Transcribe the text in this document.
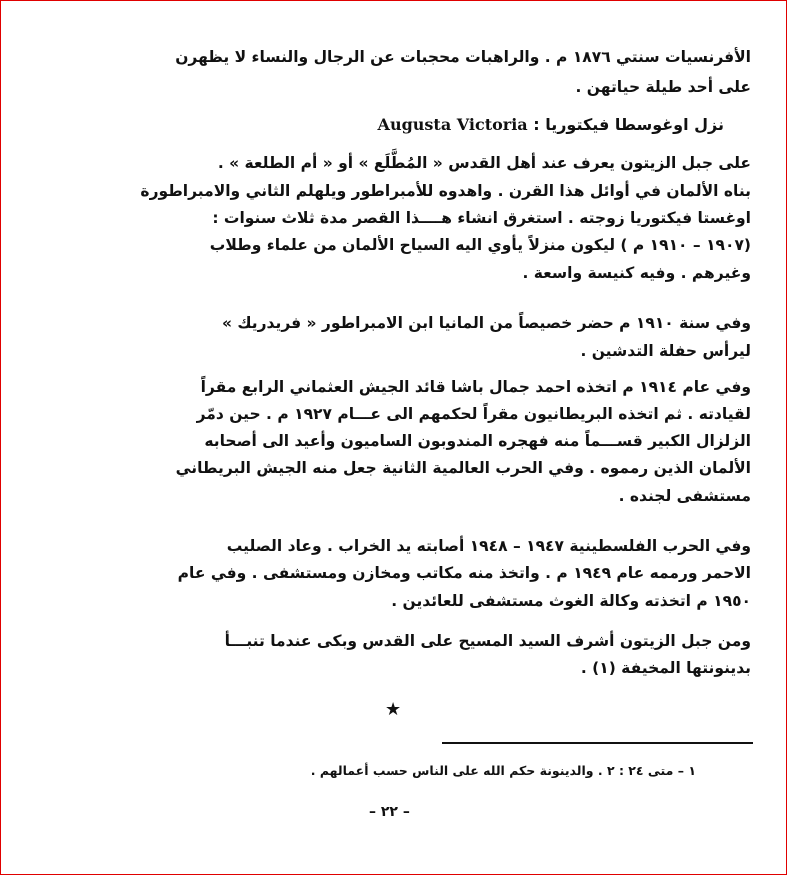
الأفرنسيات سنتي ١٨٧٦ م . والراهبات محجبات عن الرجال والنساء لا يظهرن
على أحد طيلة حياتهن .
نزل اوغوسطا فيكتوريا : Augusta Victoria
على جبل الزيتون يعرف عند أهل القدس « المُطَّلَع » أو « أم الطلعة » .
بناه الألمان في أوائل هذا القرن . واهدوه للأمبراطور ويلهلم الثاني والامبراطورة
اوغستا فيكتوريا زوجته . استغرق انشاء هــــذا القصر مدة ثلاث سنوات :
(١٩٠٧ – ١٩١٠ م ) ليكون منزلاً يأوي اليه السياح الألمان من علماء وطلاب
وغيرهم . وفيه كنيسة واسعة .
وفي سنة ١٩١٠ م حضر خصيصاً من المانيا ابن الامبراطور « فريدريك »
ليرأس حفلة التدشين .
وفي عام ١٩١٤ م اتخذه احمد جمال باشا قائد الجيش العثماني الرابع مقراً
لقيادته . ثم اتخذه البريطانيون مقراً لحكمهم الى عـــام ١٩٢٧ م . حين دمّر
الزلزال الكبير قســـماً منه فهجره المندوبون الساميون وأعيد الى أصحابه
الألمان الذين رمموه . وفي الحرب العالمية الثانية جعل منه الجيش البريطاني
مستشفى لجنده .
وفي الحرب الفلسطينية ١٩٤٧ – ١٩٤٨ أصابته يد الخراب . وعاد الصليب
الاحمر ورممه عام ١٩٤٩ م . واتخذ منه مكاتب ومخازن ومستشفى . وفي عام
١٩٥٠ م اتخذته وكالة الغوث مستشفى للعائدين .
ومن جبل الزيتون أشرف السيد المسيح على القدس وبكى عندما تنبـــأ
بدينونتها المخيفة (١) .
★
١ – متى ٢٤ : ٢ . والدينونة حكم الله على الناس حسب أعمالهم .
– ٢٢ –
